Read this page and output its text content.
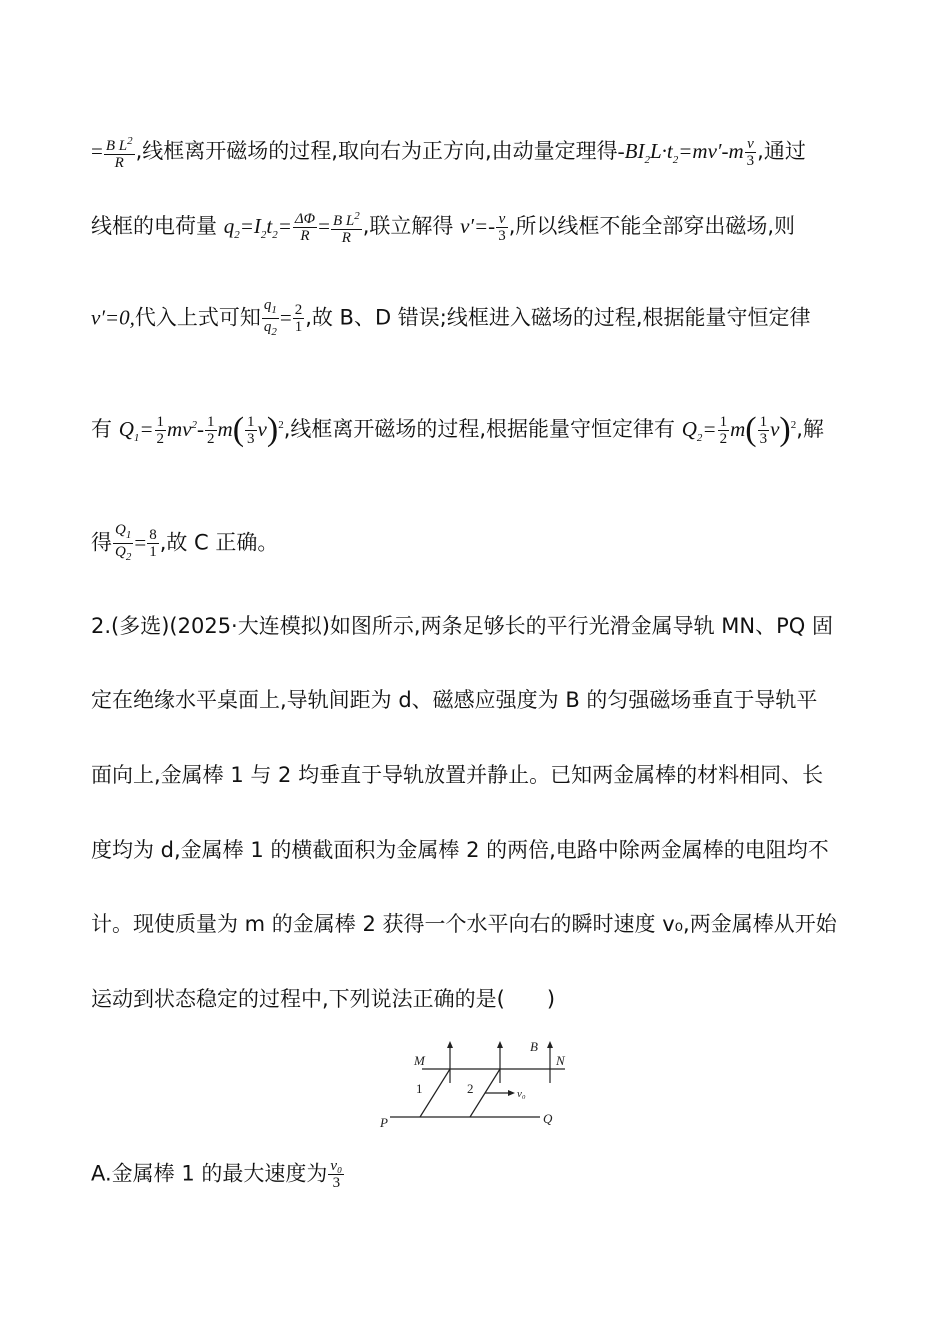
= $\frac{B L^2}{R}$ ,线框离开磁场的过程,取向右为正方向,由动量定理得$-BI_2L\cdot t_2=mv'-m \frac{v}{3}$ ,通过
线框的电荷量 $q_2=I_2t_2= \frac{\Delta\Phi}{R} = \frac{B L^2}{R}$ ,联立解得 $v'=- \frac{v}{3}$ ,所以线框不能全部穿出磁场,则
v′=0,代入上式可知 $\frac{q_1}{q_2} = \frac{2}{1}$ ,故 B、D 错误;线框进入磁场的过程,根据能量守恒定律
有 $Q_1= \frac{1}{2} mv^2- \frac{1}{2} m( \frac{1}{3} v)^2$,线框离开磁场的过程,根据能量守恒定律有 $Q_2= \frac{1}{2} m( \frac{1}{3} v)^2$,解
得 $\frac{Q_1}{Q_2} = \frac{8}{1}$ ,故 C 正确。
2.(多选)(2025·大连模拟)如图所示,两条足够长的平行光滑金属导轨 MN、PQ 固
定在绝缘水平桌面上,导轨间距为 d、磁感应强度为 B 的匀强磁场垂直于导轨平
面向上,金属棒 1 与 2 均垂直于导轨放置并静止。已知两金属棒的材料相同、长
度均为 d,金属棒 1 的横截面积为金属棒 2 的两倍,电路中除两金属棒的电阻均不
计。现使质量为 m 的金属棒 2 获得一个水平向右的瞬时速度 v₀,两金属棒从开始
运动到状态稳定的过程中,下列说法正确的是(　　)
M	N
B
P	Q
1	2	v₀
A.金属棒 1 的最大速度为 $\frac{\text{v₀}}{3}$
